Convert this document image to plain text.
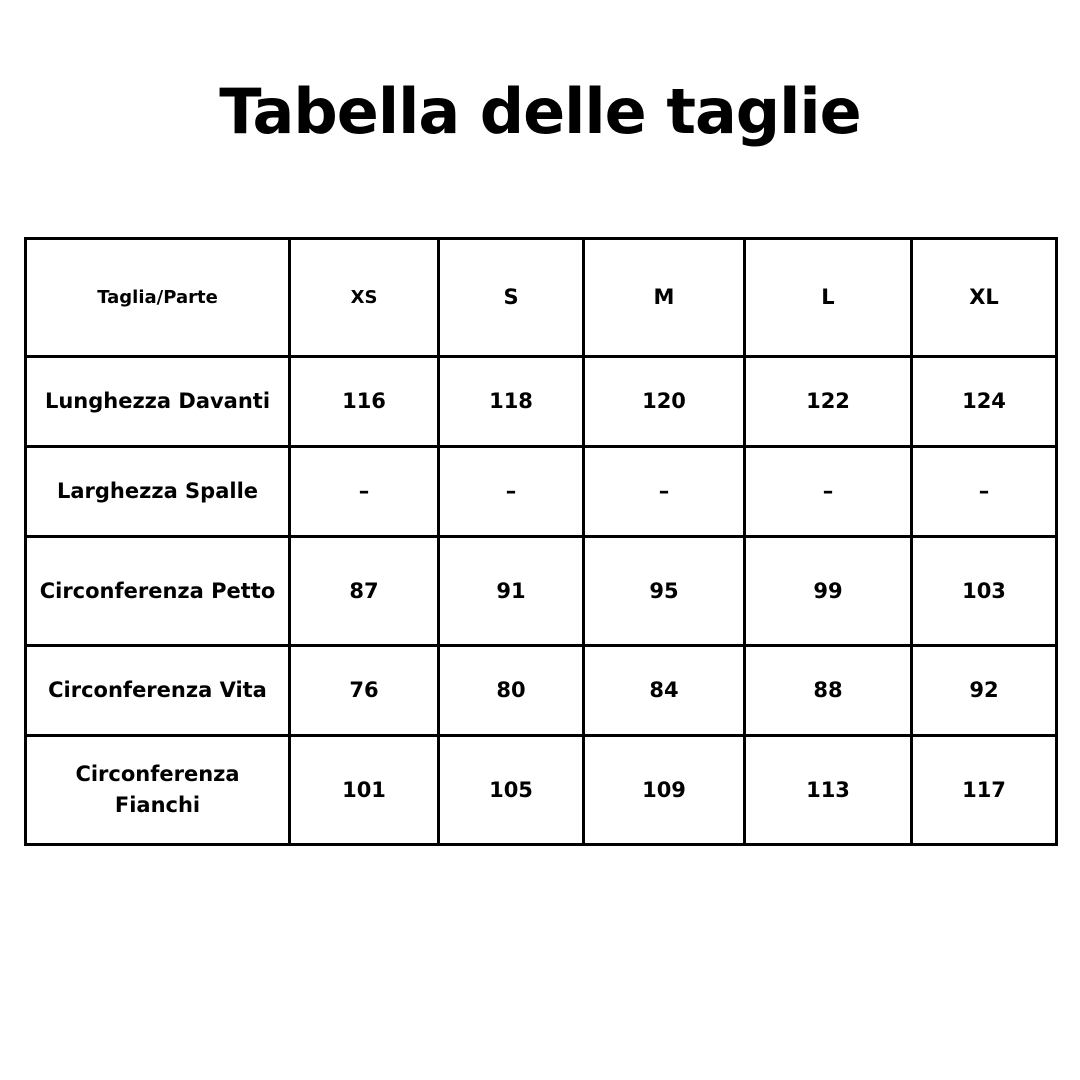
Tabella delle taglie
Taglia/Parte	XS	S	M	L	XL
Lunghezza Davanti	116	118	120	122	124
Larghezza Spalle	–	–	–	–	–
Circonferenza Petto	87	91	95	99	103
Circonferenza Vita	76	80	84	88	92
Circonferenza Fianchi	101	105	109	113	117
